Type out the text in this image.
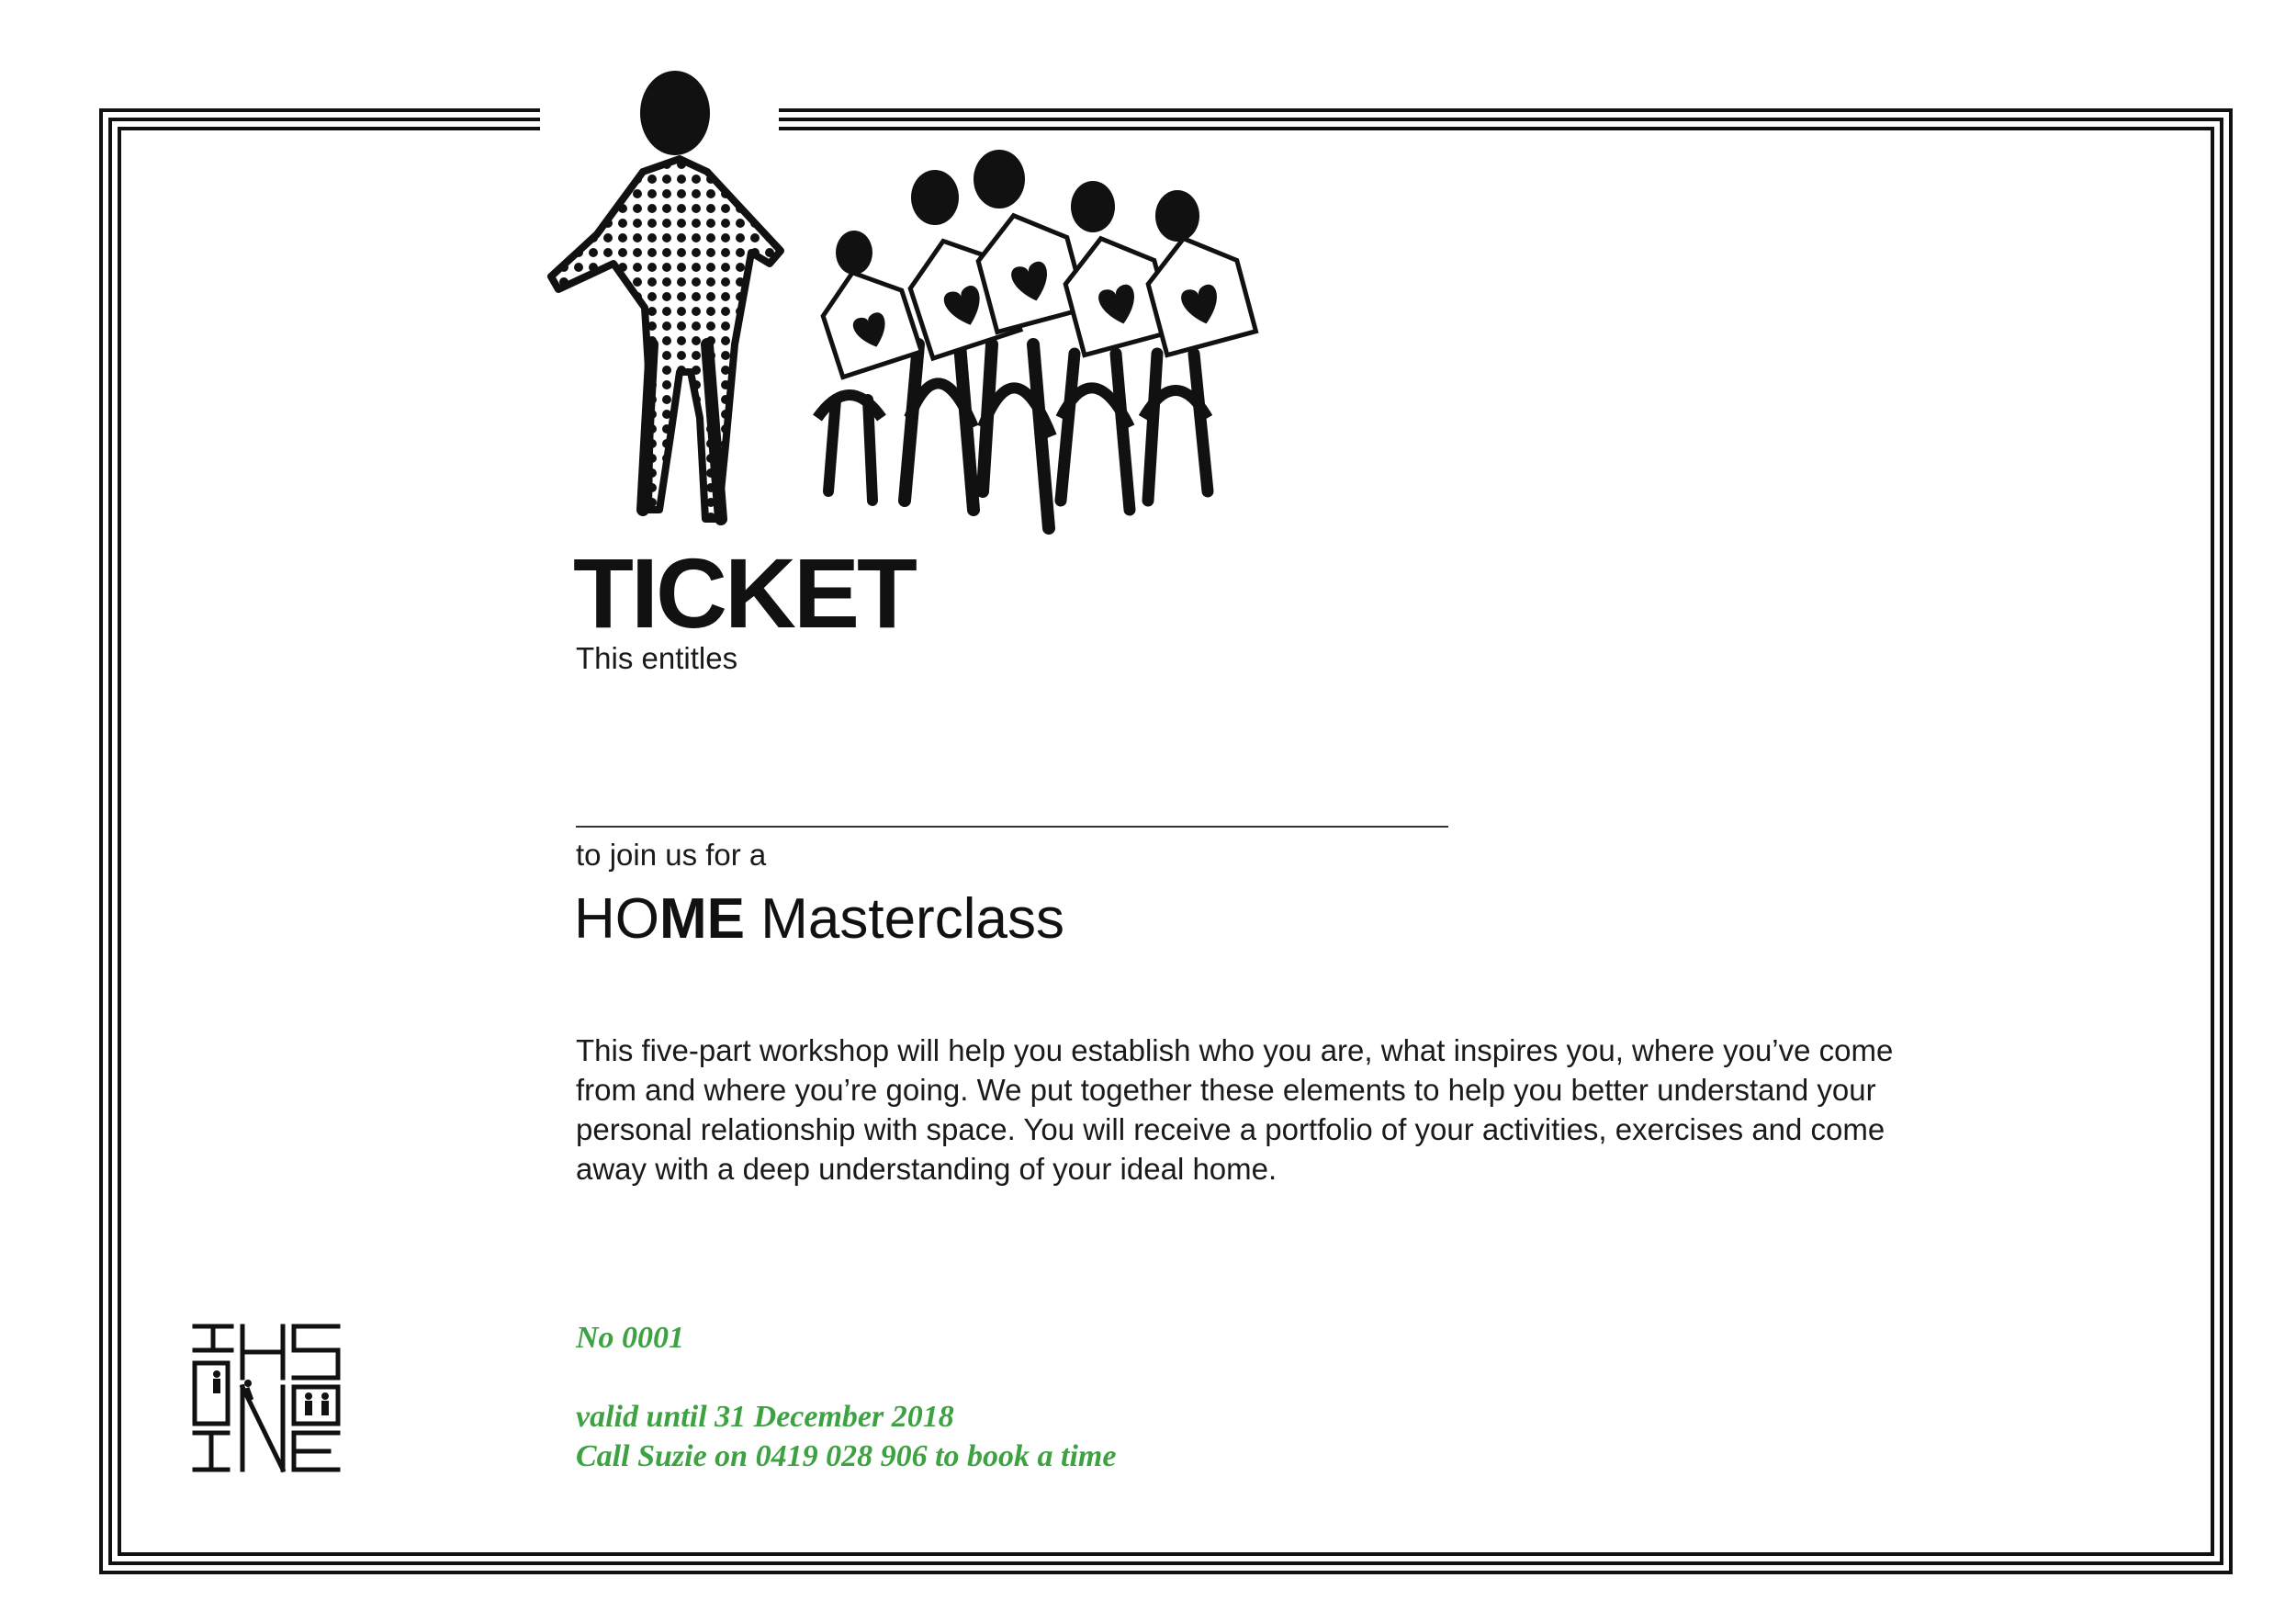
TICKET
This entitles
to join us for a
HOME Masterclass

This five-part workshop will help you establish who you are, what inspires you, where you’ve come from and where you’re going. We put together these elements to help you better understand your personal relationship with space. You will receive a portfolio of your activities, exercises and come away with a deep understanding of your ideal home.

No 0001
valid until 31 December 2018
Call Suzie on 0419 028 906 to book a time
